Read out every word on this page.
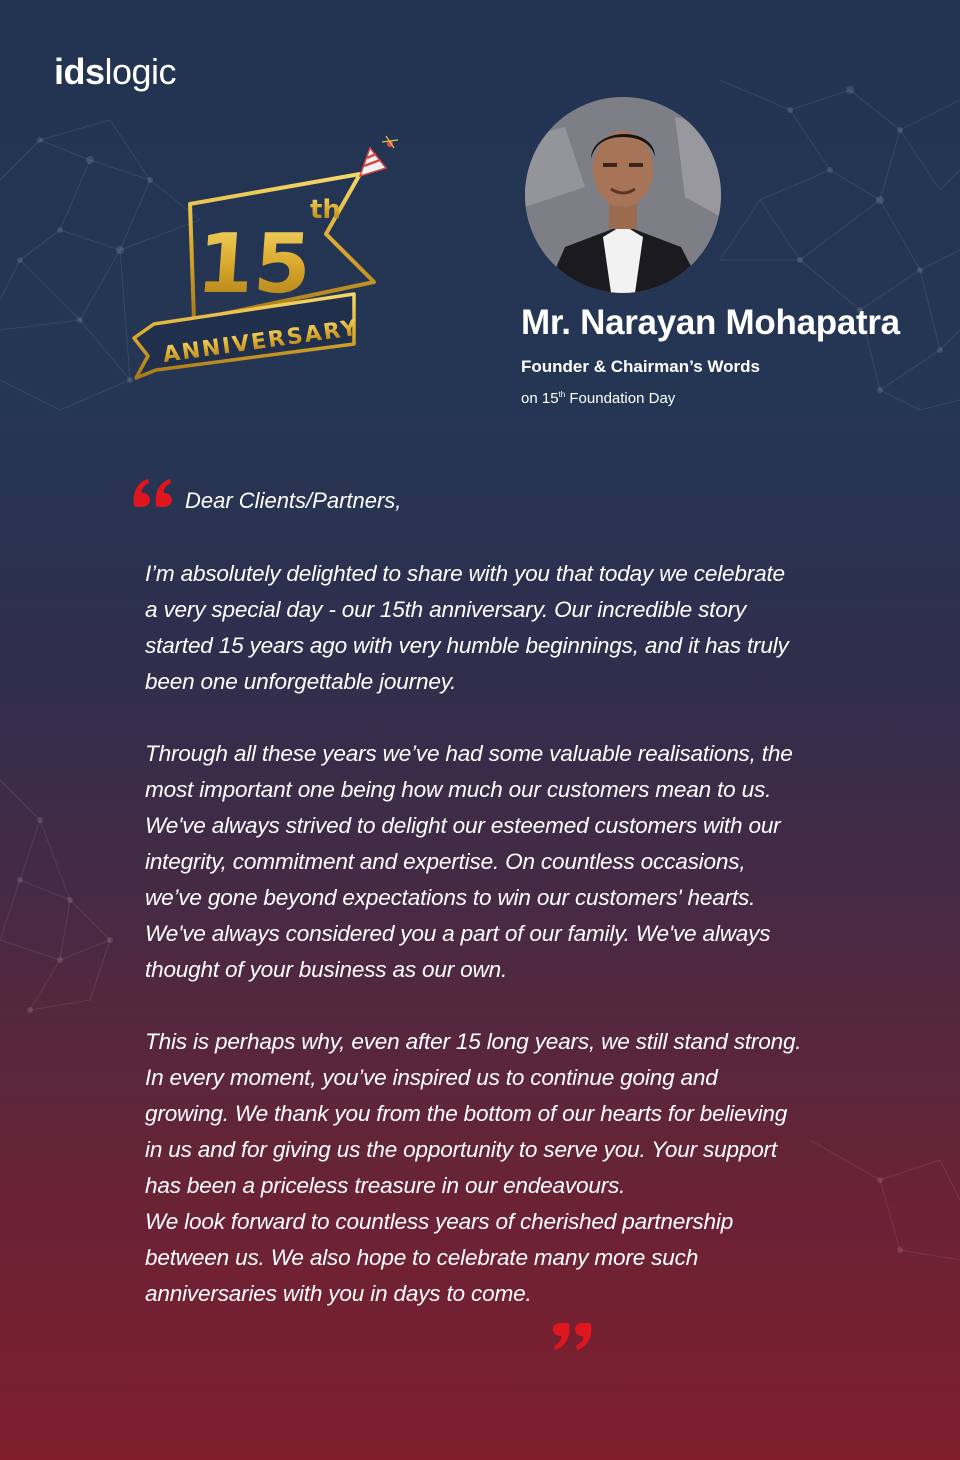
idslogic
15
th
ANNIVERSARY	Mr. Narayan Mohapatra
Founder & Chairman’s Words
on 15th Foundation Day
Dear Clients/Partners,
I’m absolutely delighted to share with you that today we celebrate
a very special day - our 15th anniversary. Our incredible story
started 15 years ago with very humble beginnings, and it has truly
been one unforgettable journey.
Through all these years we’ve had some valuable realisations, the
most important one being how much our customers mean to us.
We've always strived to delight our esteemed customers with our
integrity, commitment and expertise. On countless occasions,
we’ve gone beyond expectations to win our customers' hearts.
We've always considered you a part of our family. We've always
thought of your business as our own.
This is perhaps why, even after 15 long years, we still stand strong.
In every moment, you’ve inspired us to continue going and
growing. We thank you from the bottom of our hearts for believing
in us and for giving us the opportunity to serve you. Your support
has been a priceless treasure in our endeavours.
We look forward to countless years of cherished partnership
between us. We also hope to celebrate many more such
anniversaries with you in days to come.
